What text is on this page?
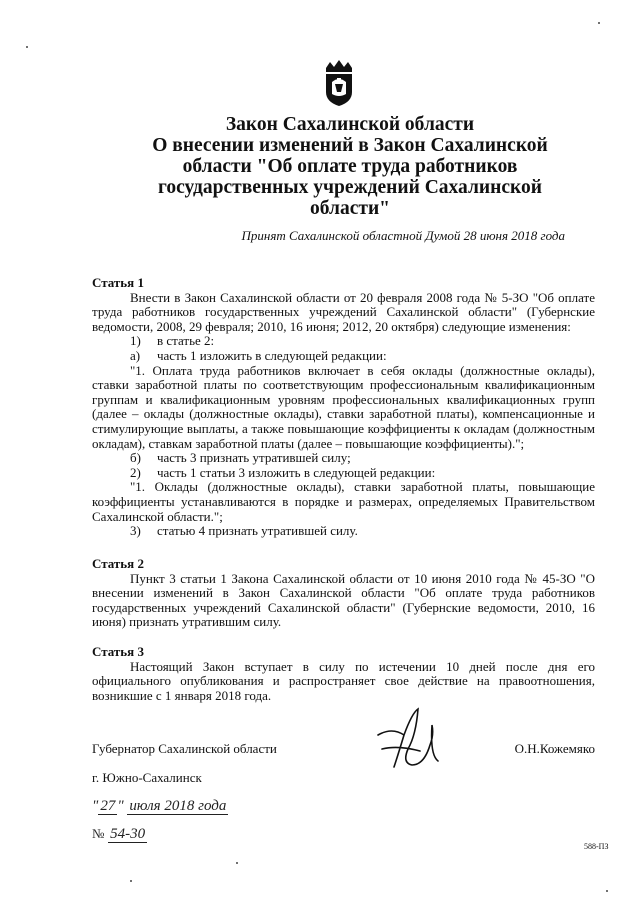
Закон Сахалинской области
О внесении изменений в Закон Сахалинской
области "Об оплате труда работников
государственных учреждений Сахалинской
области"
Принят Сахалинской областной Думой 28 июня 2018 года

Статья 1

Внести в Закон Сахалинской области от 20 февраля 2008 года № 5-ЗО "Об оплате труда работников государственных учреждений Сахалинской области" (Губернские ведомости, 2008, 29 февраля; 2010, 16 июня; 2012, 20 октября) следующие изменения:

1)	в статье 2:
а)	часть 1 изложить в следующей редакции:

"1. Оплата труда работников включает в себя оклады (должностные оклады), ставки заработной платы по соответствующим профессиональным квалификационным группам и квалификационным уровням профессиональных квалификационных групп (далее – оклады (должностные оклады), ставки заработной платы), компенсационные и стимулирующие выплаты, а также повышающие коэффициенты к окладам (должностным окладам), ставкам заработной платы (далее – повышающие коэффициенты).";

б)	часть 3 признать утратившей силу;
2)	часть 1 статьи 3 изложить в следующей редакции:

"1. Оклады (должностные оклады), ставки заработной платы, повышающие коэффициенты устанавливаются в порядке и размерах, определяемых Правительством Сахалинской области.";

3)	статью 4 признать утратившей силу.

Статья 2

Пункт 3 статьи 1 Закона Сахалинской области от 10 июня 2010 года № 45-ЗО "О внесении изменений в Закон Сахалинской области "Об оплате труда работников государственных учреждений Сахалинской области" (Губернские ведомости, 2010, 16 июня) признать утратившим силу.

Статья 3

Настоящий Закон вступает в силу по истечении 10 дней после дня его официального опубликования и распространяет свое действие на правоотношения, возникшие с 1 января 2018 года.

Губернатор Сахалинской области	О.Н.Кожемяко
г. Южно-Сахалинск
" 27 " июля 2018 года
№ 54-30
588-ПЗ
